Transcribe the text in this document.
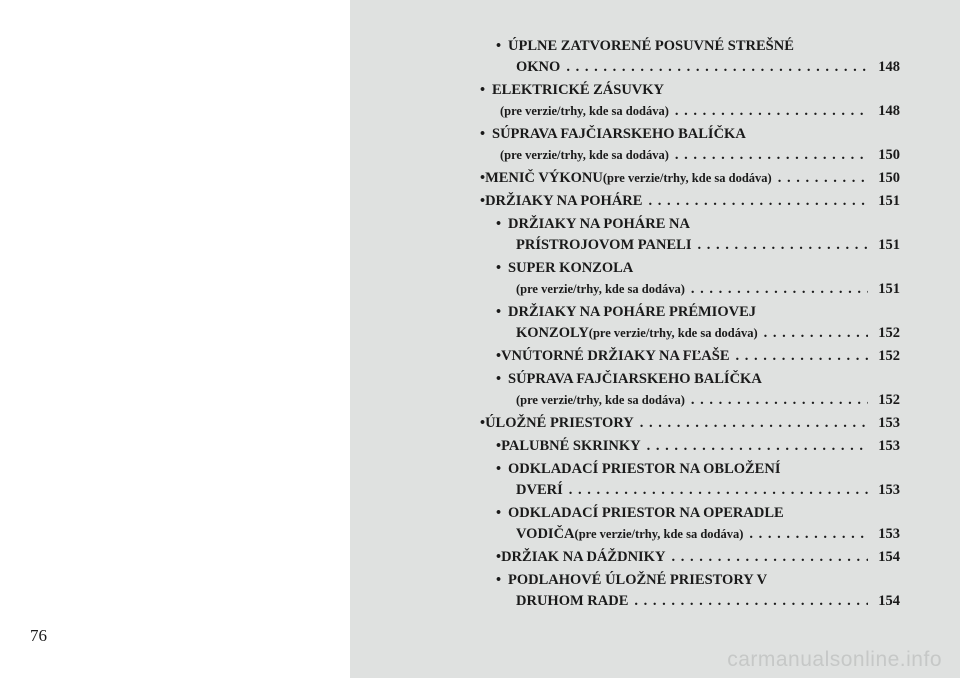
76
• ÚPLNE ZATVORENÉ POSUVNÉ STREŠNÉ
OKNO . . .	148
• ELEKTRICKÉ ZÁSUVKY
(pre verzie/trhy, kde sa dodáva) . . .	148
• SÚPRAVA FAJČIARSKEHO BALÍČKA
(pre verzie/trhy, kde sa dodáva) . . .	150
• MENIČ VÝKONU (pre verzie/trhy, kde sa dodáva) . . .	150
• DRŽIAKY NA POHÁRE . . .	151
• DRŽIAKY NA POHÁRE NA
PRÍSTROJOVOM PANELI . . .	151
• SUPER KONZOLA
(pre verzie/trhy, kde sa dodáva) . . .	151
• DRŽIAKY NA POHÁRE PRÉMIOVEJ
KONZOLY (pre verzie/trhy, kde sa dodáva) . . .	152
• VNÚTORNÉ DRŽIAKY NA FĽAŠE . . .	152
• SÚPRAVA FAJČIARSKEHO BALÍČKA
(pre verzie/trhy, kde sa dodáva) . . .	152
• ÚLOŽNÉ PRIESTORY . . .	153
• PALUBNÉ SKRINKY . . .	153
• ODKLADACÍ PRIESTOR NA OBLOŽENÍ
DVERÍ . . .	153
• ODKLADACÍ PRIESTOR NA OPERADLE
VODIČA (pre verzie/trhy, kde sa dodáva) . . .	153
• DRŽIAK NA DÁŽDNIKY . . .	154
• PODLAHOVÉ ÚLOŽNÉ PRIESTORY V
DRUHOM RADE . . .	154
carmanualsonline.info
